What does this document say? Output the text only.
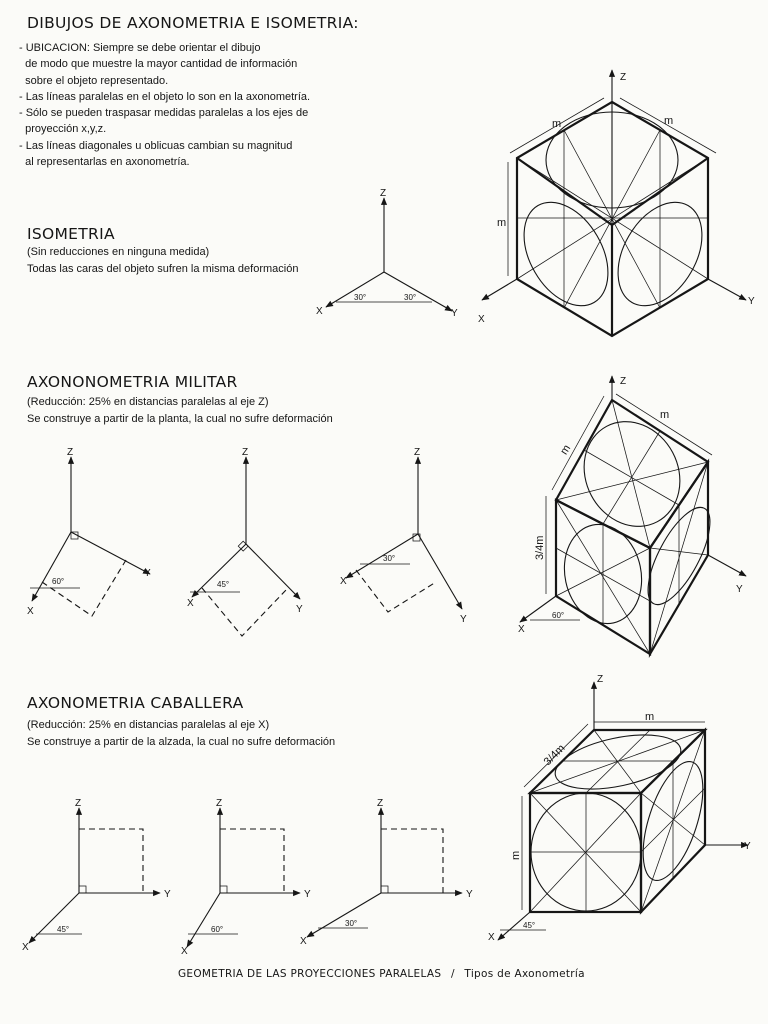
DIBUJOS DE AXONOMETRIA E ISOMETRIA:
- UBICACION: Siempre se debe orientar el dibujo
de modo que muestre la mayor cantidad de información
sobre el objeto representado.
- Las líneas paralelas en el objeto lo son en la axonometría.
- Sólo se pueden traspasar medidas paralelas a los ejes de
proyección x,y,z.
- Las líneas diagonales u oblicuas cambian su magnitud
al representarlas en axonometría.
ISOMETRIA
(Sin reducciones en ninguna medida)
Todas las caras del objeto sufren la misma deformación
AXONONOMETRIA MILITAR
(Reducción: 25% en distancias paralelas al eje Z)
Se construye a partir de la planta, la cual no sufre deformación
AXONOMETRIA CABALLERA
(Reducción: 25% en distancias paralelas al eje X)
Se construye a partir de la alzada, la cual no sufre deformación
GEOMETRIA DE LAS PROYECCIONES PARALELAS / Tipos de Axonometría
Z
X	Y
30°	30°
Z
X
Y
m	m
m
Z
X
Y
60°
Z
X
Y
45°
Z
X
Y
30°
Z
X
Y
m
m
3/4m
60°
Z
X
Y
45°
Z
X
Y
60°
Z
X
Y
30°
Z
X
Y
m
3/4m
m
45°
